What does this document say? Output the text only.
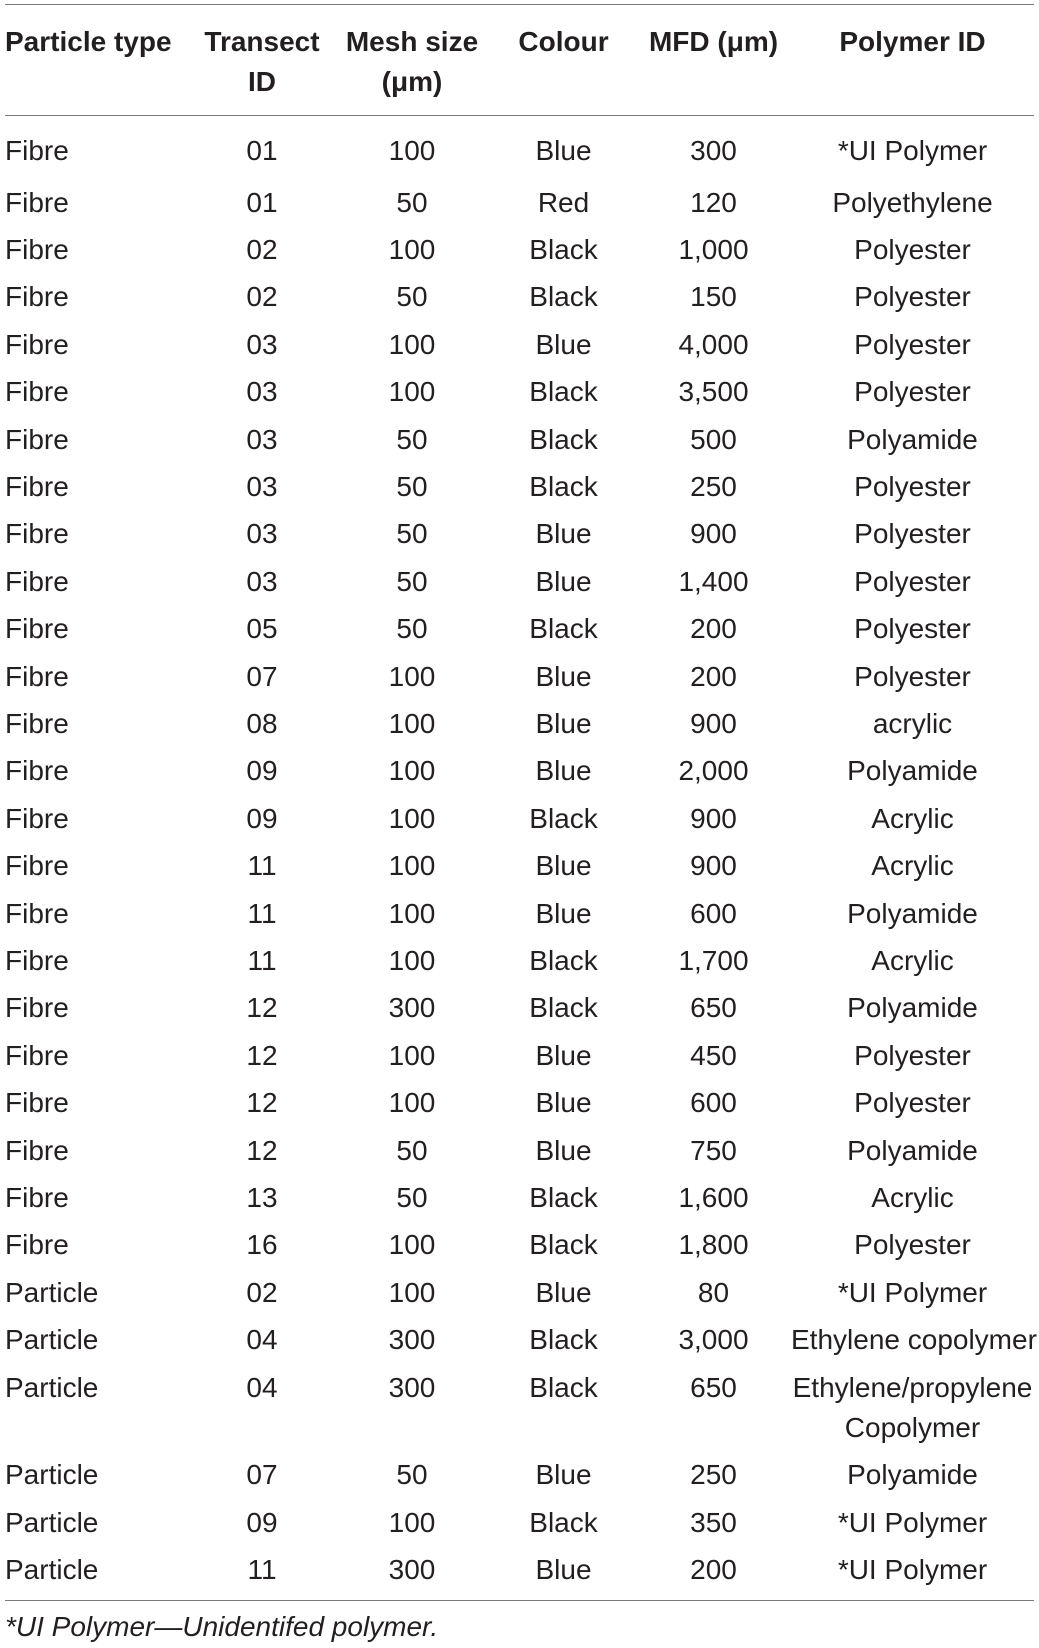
Particle type	Transect ID	Mesh size (μm)	Colour	MFD (μm)	Polymer ID
Fibre	01	100	Blue	300	*UI Polymer
Fibre	01	50	Red	120	Polyethylene
Fibre	02	100	Black	1,000	Polyester
Fibre	02	50	Black	150	Polyester
Fibre	03	100	Blue	4,000	Polyester
Fibre	03	100	Black	3,500	Polyester
Fibre	03	50	Black	500	Polyamide
Fibre	03	50	Black	250	Polyester
Fibre	03	50	Blue	900	Polyester
Fibre	03	50	Blue	1,400	Polyester
Fibre	05	50	Black	200	Polyester
Fibre	07	100	Blue	200	Polyester
Fibre	08	100	Blue	900	acrylic
Fibre	09	100	Blue	2,000	Polyamide
Fibre	09	100	Black	900	Acrylic
Fibre	11	100	Blue	900	Acrylic
Fibre	11	100	Blue	600	Polyamide
Fibre	11	100	Black	1,700	Acrylic
Fibre	12	300	Black	650	Polyamide
Fibre	12	100	Blue	450	Polyester
Fibre	12	100	Blue	600	Polyester
Fibre	12	50	Blue	750	Polyamide
Fibre	13	50	Black	1,600	Acrylic
Fibre	16	100	Black	1,800	Polyester
Particle	02	100	Blue	80	*UI Polymer
Particle	04	300	Black	3,000	Ethylene copolymer
Particle	04	300	Black	650	Ethylene/propylene Copolymer
Particle	07	50	Blue	250	Polyamide
Particle	09	100	Black	350	*UI Polymer
Particle	11	300	Blue	200	*UI Polymer
*UI Polymer—Unidentifed polymer.
